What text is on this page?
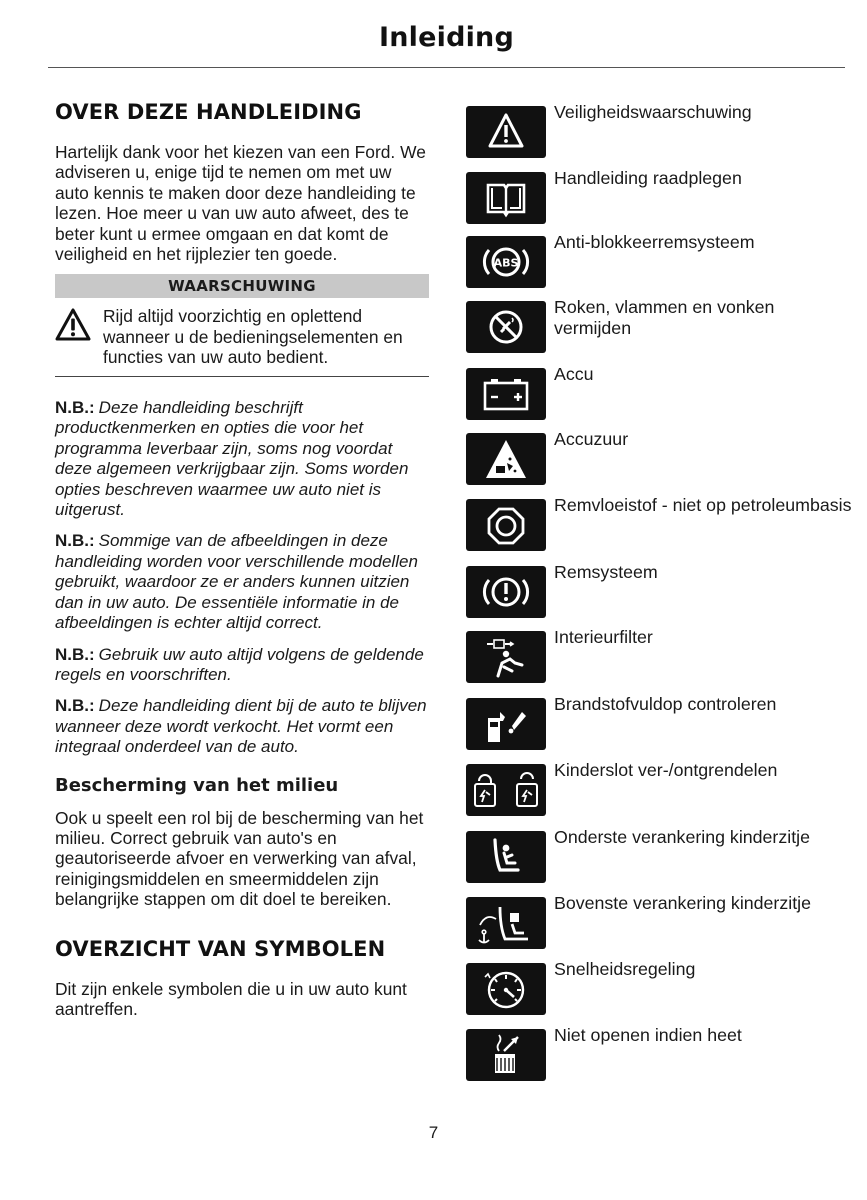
Inleiding
OVER DEZE HANDLEIDING
Hartelijk dank voor het kiezen van een Ford. We adviseren u, enige tijd te nemen om met uw auto kennis te maken door deze handleiding te lezen. Hoe meer u van uw auto afweet, des te beter kunt u ermee omgaan en dat komt de veiligheid en het rijplezier ten goede.
WAARSCHUWING
Rijd altijd voorzichtig en oplettend wanneer u de bedieningselementen en functies van uw auto bedient.
N.B.: Deze handleiding beschrijft productkenmerken en opties die voor het programma leverbaar zijn, soms nog voordat deze algemeen verkrijgbaar zijn. Soms worden opties beschreven waarmee uw auto niet is uitgerust.
N.B.: Sommige van de afbeeldingen in deze handleiding worden voor verschillende modellen gebruikt, waardoor ze er anders kunnen uitzien dan in uw auto. De essentiële informatie in de afbeeldingen is echter altijd correct.
N.B.: Gebruik uw auto altijd volgens de geldende regels en voorschriften.
N.B.: Deze handleiding dient bij de auto te blijven wanneer deze wordt verkocht. Het vormt een integraal onderdeel van de auto.
Bescherming van het milieu
Ook u speelt een rol bij de bescherming van het milieu. Correct gebruik van auto's en geautoriseerde afvoer en verwerking van afval, reinigingsmiddelen en smeermiddelen zijn belangrijke stappen om dit doel te bereiken.
OVERZICHT VAN SYMBOLEN
Dit zijn enkele symbolen die u in uw auto kunt aantreffen.
Veiligheidswaarschuwing
Handleiding raadplegen
ABS
Anti-blokkeerremsysteem
Roken, vlammen en vonken vermijden
Accu
Accuzuur
Remvloeistof - niet op petroleumbasis
Remsysteem
Interieurfilter
Brandstofvuldop controleren
Kinderslot ver-/ontgrendelen
Onderste verankering kinderzitje
Bovenste verankering kinderzitje
Snelheidsregeling
Niet openen indien heet
7
